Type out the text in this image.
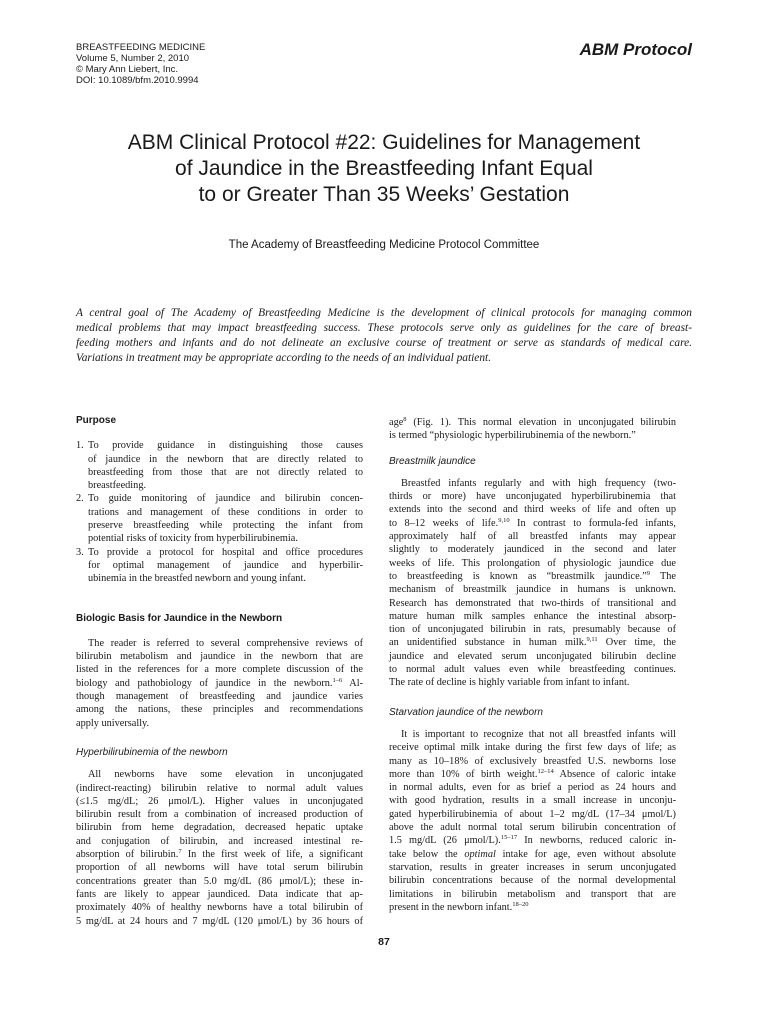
BREASTFEEDING MEDICINE
Volume 5, Number 2, 2010
© Mary Ann Liebert, Inc.
DOI: 10.1089/bfm.2010.9994
ABM Protocol
ABM Clinical Protocol #22: Guidelines for Management
of Jaundice in the Breastfeeding Infant Equal
to or Greater Than 35 Weeks’ Gestation
The Academy of Breastfeeding Medicine Protocol Committee
A central goal of The Academy of Breastfeeding Medicine is the development of clinical protocols for managing common
medical problems that may impact breastfeeding success. These protocols serve only as guidelines for the care of breast-
feeding mothers and infants and do not delineate an exclusive course of treatment or serve as standards of medical care.
Variations in treatment may be appropriate according to the needs of an individual patient.
Purpose
1. To provide guidance in distinguishing those causes
of jaundice in the newborn that are directly related to
breastfeeding from those that are not directly related to
breastfeeding.
2. To guide monitoring of jaundice and bilirubin concen-
trations and management of these conditions in order to
preserve breastfeeding while protecting the infant from
potential risks of toxicity from hyperbilirubinemia.
3. To provide a protocol for hospital and office procedures
for optimal management of jaundice and hyperbilir-
ubinemia in the breastfed newborn and young infant.
Biologic Basis for Jaundice in the Newborn
The reader is referred to several comprehensive reviews of
bilirubin metabolism and jaundice in the newborn that are
listed in the references for a more complete discussion of the
biology and pathobiology of jaundice in the newborn.$^{1-6}$ Al-
though management of breastfeeding and jaundice varies
among the nations, these principles and recommendations
apply universally.
Hyperbilirubinemia of the newborn
All newborns have some elevation in unconjugated
(indirect-reacting) bilirubin relative to normal adult values
(≤1.5 mg/dL; 26 μmol/L). Higher values in unconjugated
bilirubin result from a combination of increased production of
bilirubin from heme degradation, decreased hepatic uptake
and conjugation of bilirubin, and increased intestinal re-
absorption of bilirubin.$^7$ In the first week of life, a significant
proportion of all newborns will have total serum bilirubin
concentrations greater than 5.0 mg/dL (86 μmol/L); these in-
fants are likely to appear jaundiced. Data indicate that ap-
proximately 40% of healthy newborns have a total bilirubin of
5 mg/dL at 24 hours and 7 mg/dL (120 μmol/L) by 36 hours of
age$^8$ (Fig. 1). This normal elevation in unconjugated bilirubin
is termed “physiologic hyperbilirubinemia of the newborn.”
Breastmilk jaundice
Breastfed infants regularly and with high frequency (two-
thirds or more) have unconjugated hyperbilirubinemia that
extends into the second and third weeks of life and often up
to 8–12 weeks of life.$^{9,10}$ In contrast to formula-fed infants,
approximately half of all breastfed infants may appear
slightly to moderately jaundiced in the second and later
weeks of life. This prolongation of physiologic jaundice due
to breastfeeding is known as “breastmilk jaundice.”$^9$ The
mechanism of breastmilk jaundice in humans is unknown.
Research has demonstrated that two-thirds of transitional and
mature human milk samples enhance the intestinal absorp-
tion of unconjugated bilirubin in rats, presumably because of
an unidentified substance in human milk.$^{9,11}$ Over time, the
jaundice and elevated serum unconjugated bilirubin decline
to normal adult values even while breastfeeding continues.
The rate of decline is highly variable from infant to infant.
Starvation jaundice of the newborn
It is important to recognize that not all breastfed infants will
receive optimal milk intake during the first few days of life; as
many as 10–18% of exclusively breastfed U.S. newborns lose
more than 10% of birth weight.$^{12-14}$ Absence of caloric intake
in normal adults, even for as brief a period as 24 hours and
with good hydration, results in a small increase in unconju-
gated hyperbilirubinemia of about 1–2 mg/dL (17–34 μmol/L)
above the adult normal total serum bilirubin concentration of
1.5 mg/dL (26 μmol/L).$^{15-17}$ In newborns, reduced caloric in-
take below the optimal intake for age, even without absolute
starvation, results in greater increases in serum unconjugated
bilirubin concentrations because of the normal developmental
limitations in bilirubin metabolism and transport that are
present in the newborn infant.$^{18-20}$
87
